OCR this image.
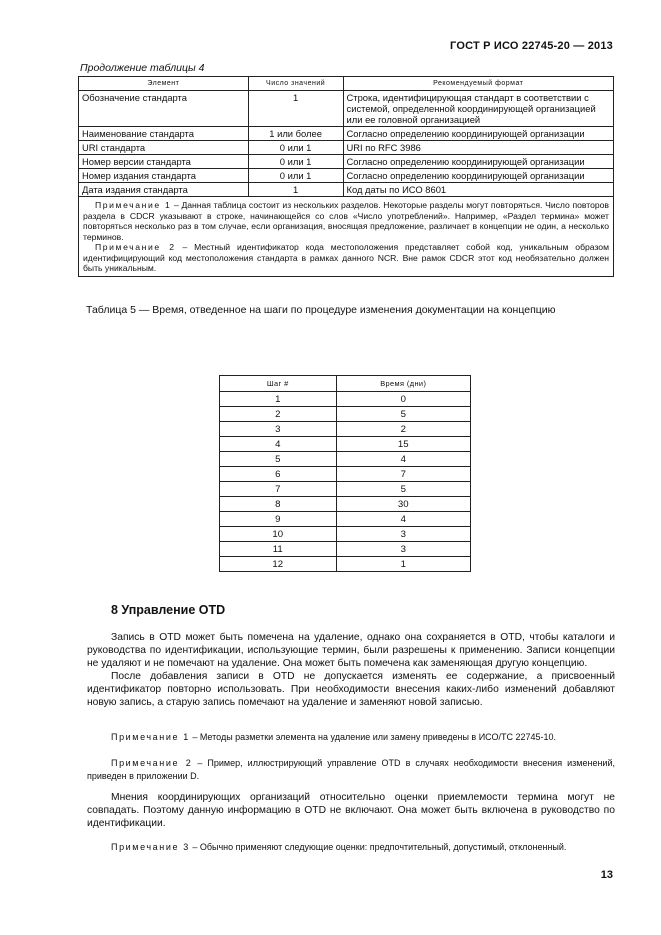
ГОСТ Р ИСО 22745-20 — 2013
Продолжение таблицы 4
Элемент	Число значений	Рекомендуемый формат
Обозначение стандарта	1	Строка, идентифицирующая стандарт в соответствии с системой, определенной координирующей организацией или ее головной организацией
Наименование стандарта	1 или более	Согласно определению координирующей организации
URI стандарта	0 или 1	URI по RFC 3986
Номер версии стандарта	0 или 1	Согласно определению координирующей организации
Номер издания стандарта	0 или 1	Согласно определению координирующей организации
Дата издания стандарта	1	Код даты по ИСО 8601

Примечание 1 – Данная таблица состоит из нескольких разделов. Некоторые разделы могут повторяться. Число повторов раздела в CDCR указывают в строке, начинающейся со слов «Число употреблений». Например, «Раздел термина» может повторяться несколько раз в том случае, если организация, вносящая предложение, различает в концепции не один, а несколько терминов.

Примечание 2 – Местный идентификатор кода местоположения представляет собой код, уникальным образом идентифицирующий код местоположения стандарта в рамках данного NCR. Вне рамок CDCR этот код необязательно должен быть уникальным.		

Таблица 5 — Время, отведенное на шаги по процедуре изменения документации на концепцию
Шаг #	Время (дни)
1	0
2	5
3	2
4	15
5	4
6	7
7	5
8	30
9	4
10	3
11	3
12	1
8 Управление OTD

Запись в OTD может быть помечена на удаление, однако она сохраняется в OTD, чтобы каталоги и руководства по идентификации, использующие термин, были разрешены к применению. Записи концепции не удаляют и не помечают на удаление. Она может быть помечена как заменяющая другую концепцию.

После добавления записи в OTD не допускается изменять ее содержание, а присвоенный идентификатор повторно использовать. При необходимости внесения каких-либо изменений добавляют новую запись, а старую запись помечают на удаление и заменяют новой записью.

Примечание 1 – Методы разметки элемента на удаление или замену приведены в ИСО/ТС 22745-10.

Примечание 2 – Пример, иллюстрирующий управление OTD в случаях необходимости внесения изменений, приведен в приложении D.

Мнения координирующих организаций относительно оценки приемлемости термина могут не совпадать. Поэтому данную информацию в OTD не включают. Она может быть включена в руководство по идентификации.

Примечание 3 – Обычно применяют следующие оценки: предпочтительный, допустимый, отклоненный.

13
